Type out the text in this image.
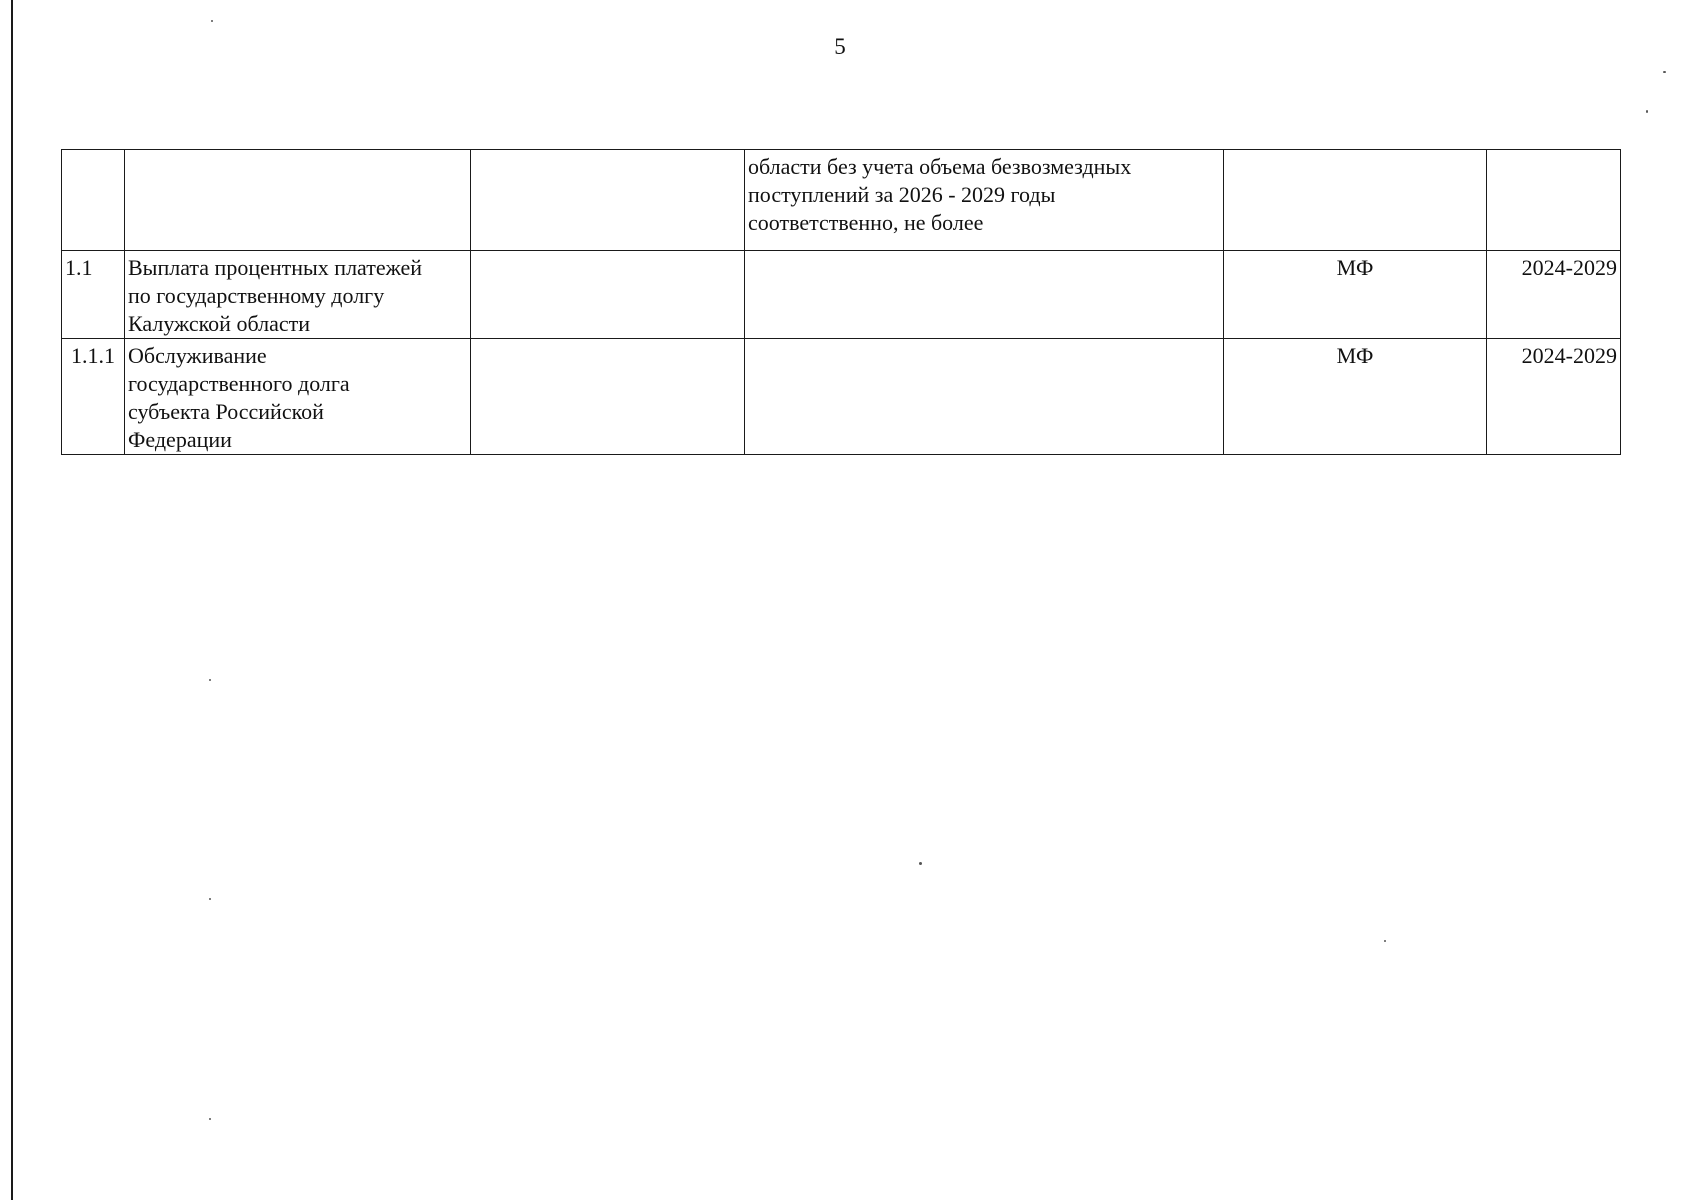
5

			области без учета объема безвозмездных
поступлений за 2026 - 2029 годы
соответственно, не более		

1.1	Выплата процентных платежей
по государственному долгу
Калужской области			МФ	2024-2029
1.1.1	Обслуживание
государственного долга
субъекта Российской
Федерации			МФ	2024-2029
